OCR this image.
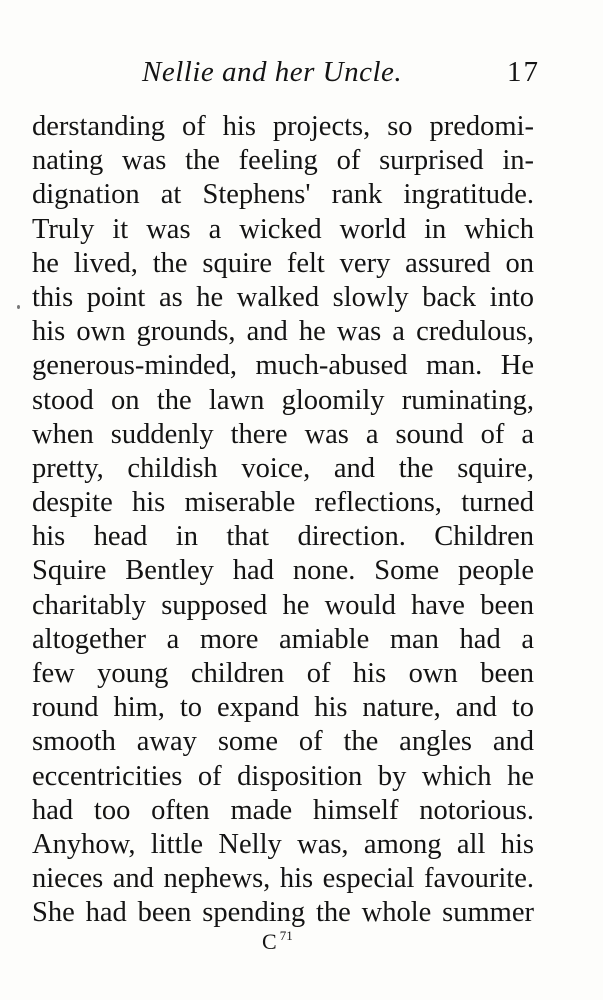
Nellie and her Uncle.	17
derstanding of his projects, so predomi-
nating was the feeling of surprised in-
dignation at Stephens' rank ingratitude.
Truly it was a wicked world in which
he lived, the squire felt very assured on
this point as he walked slowly back into
his own grounds, and he was a credulous,
generous-minded, much-abused man. He
stood on the lawn gloomily ruminating,
when suddenly there was a sound of a
pretty, childish voice, and the squire,
despite his miserable reflections, turned
his head in that direction. Children
Squire Bentley had none. Some people
charitably supposed he would have been
altogether a more amiable man had a
few young children of his own been
round him, to expand his nature, and to
smooth away some of the angles and
eccentricities of disposition by which he
had too often made himself notorious.
Anyhow, little Nelly was, among all his
nieces and nephews, his especial favourite.
She had been spending the whole summer
C $^{71}$
